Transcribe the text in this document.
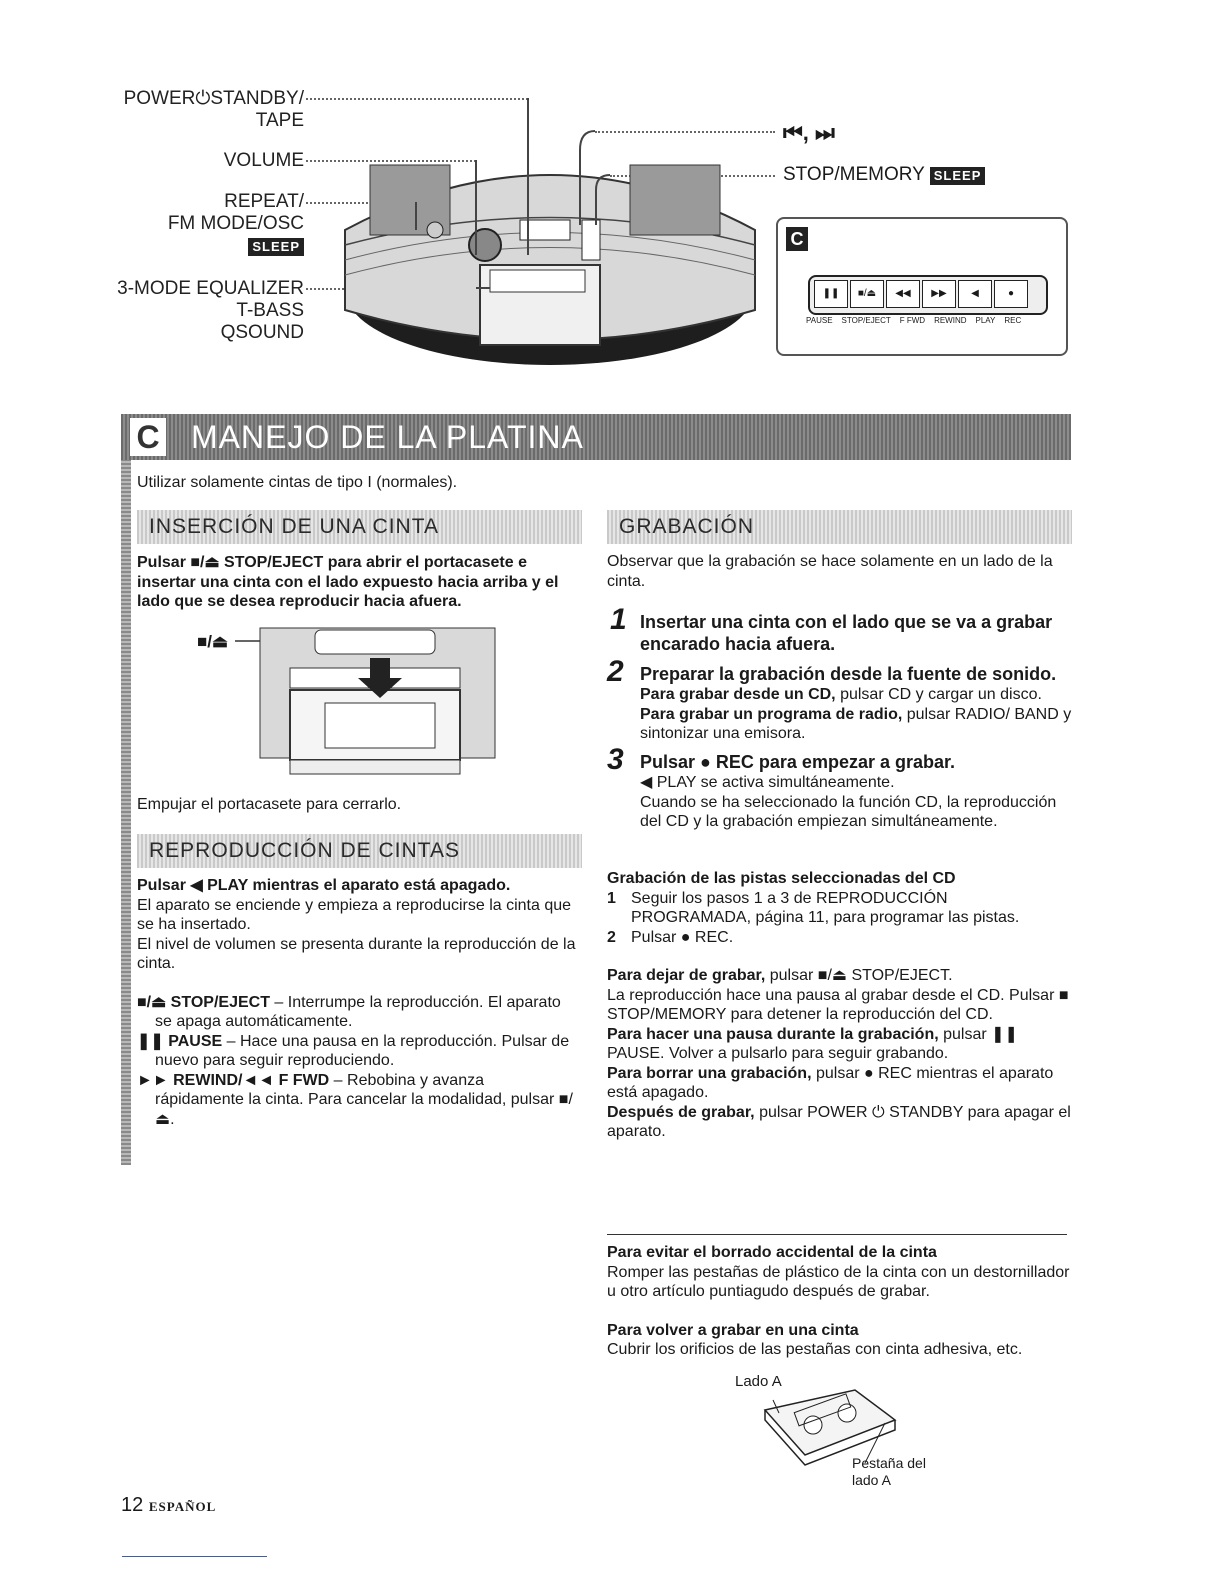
POWER⏻STANDBY/
TAPE
VOLUME
REPEAT/
FM MODE/OSC
SLEEP
3-MODE EQUALIZER
T-BASS
QSOUND
⏮, ⏭
STOP/MEMORY SLEEP
C
❚❚	■/⏏	◀◀	▶▶	◀	●
PAUSE STOP/EJECT F FWD REWIND PLAY REC
C MANEJO DE LA PLATINA
Utilizar solamente cintas de tipo I (normales).
INSERCIÓN DE UNA CINTA
Pulsar ■/⏏ STOP/EJECT para abrir el portacasete e insertar una cinta con el lado expuesto hacia arriba y el lado que se desea reproducir hacia afuera.
■/⏏
Empujar el portacasete para cerrarlo.
REPRODUCCIÓN DE CINTAS
Pulsar ◀ PLAY mientras el aparato está apagado.
El aparato se enciende y empieza a reproducirse la cinta que se ha insertado.
El nivel de volumen se presenta durante la reproducción de la cinta.
■/⏏ STOP/EJECT – Interrumpe la reproducción. El aparato se apaga automáticamente.
❚❚ PAUSE – Hace una pausa en la reproducción. Pulsar de nuevo para seguir reproduciendo.
►► REWIND/◄◄ F FWD – Rebobina y avanza rápidamente la cinta. Para cancelar la modalidad, pulsar ■/⏏.
GRABACIÓN
Observar que la grabación se hace solamente en un lado de la cinta.
1 Insertar una cinta con el lado que se va a grabar encarado hacia afuera.
2 Preparar la grabación desde la fuente de sonido.
Para grabar desde un CD, pulsar CD y cargar un disco.
Para grabar un programa de radio, pulsar RADIO/ BAND y sintonizar una emisora.
3 Pulsar ● REC para empezar a grabar.
◀ PLAY se activa simultáneamente.
Cuando se ha seleccionado la función CD, la reproducción del CD y la grabación empiezan simultáneamente.
Grabación de las pistas seleccionadas del CD
1 Seguir los pasos 1 a 3 de REPRODUCCIÓN PROGRAMADA, página 11, para programar las pistas.
2 Pulsar ● REC.
Para dejar de grabar, pulsar ■/⏏ STOP/EJECT.
La reproducción hace una pausa al grabar desde el CD. Pulsar ■ STOP/MEMORY para detener la reproducción del CD.
Para hacer una pausa durante la grabación, pulsar ❚❚ PAUSE. Volver a pulsarlo para seguir grabando.
Para borrar una grabación, pulsar ● REC mientras el aparato está apagado.
Después de grabar, pulsar POWER ⏻ STANDBY para apagar el aparato.
Para evitar el borrado accidental de la cinta
Romper las pestañas de plástico de la cinta con un destornillador u otro artículo puntiagudo después de grabar.
Para volver a grabar en una cinta
Cubrir los orificios de las pestañas con cinta adhesiva, etc.
Lado A
Pestaña del
lado A
12 ESPAÑOL
